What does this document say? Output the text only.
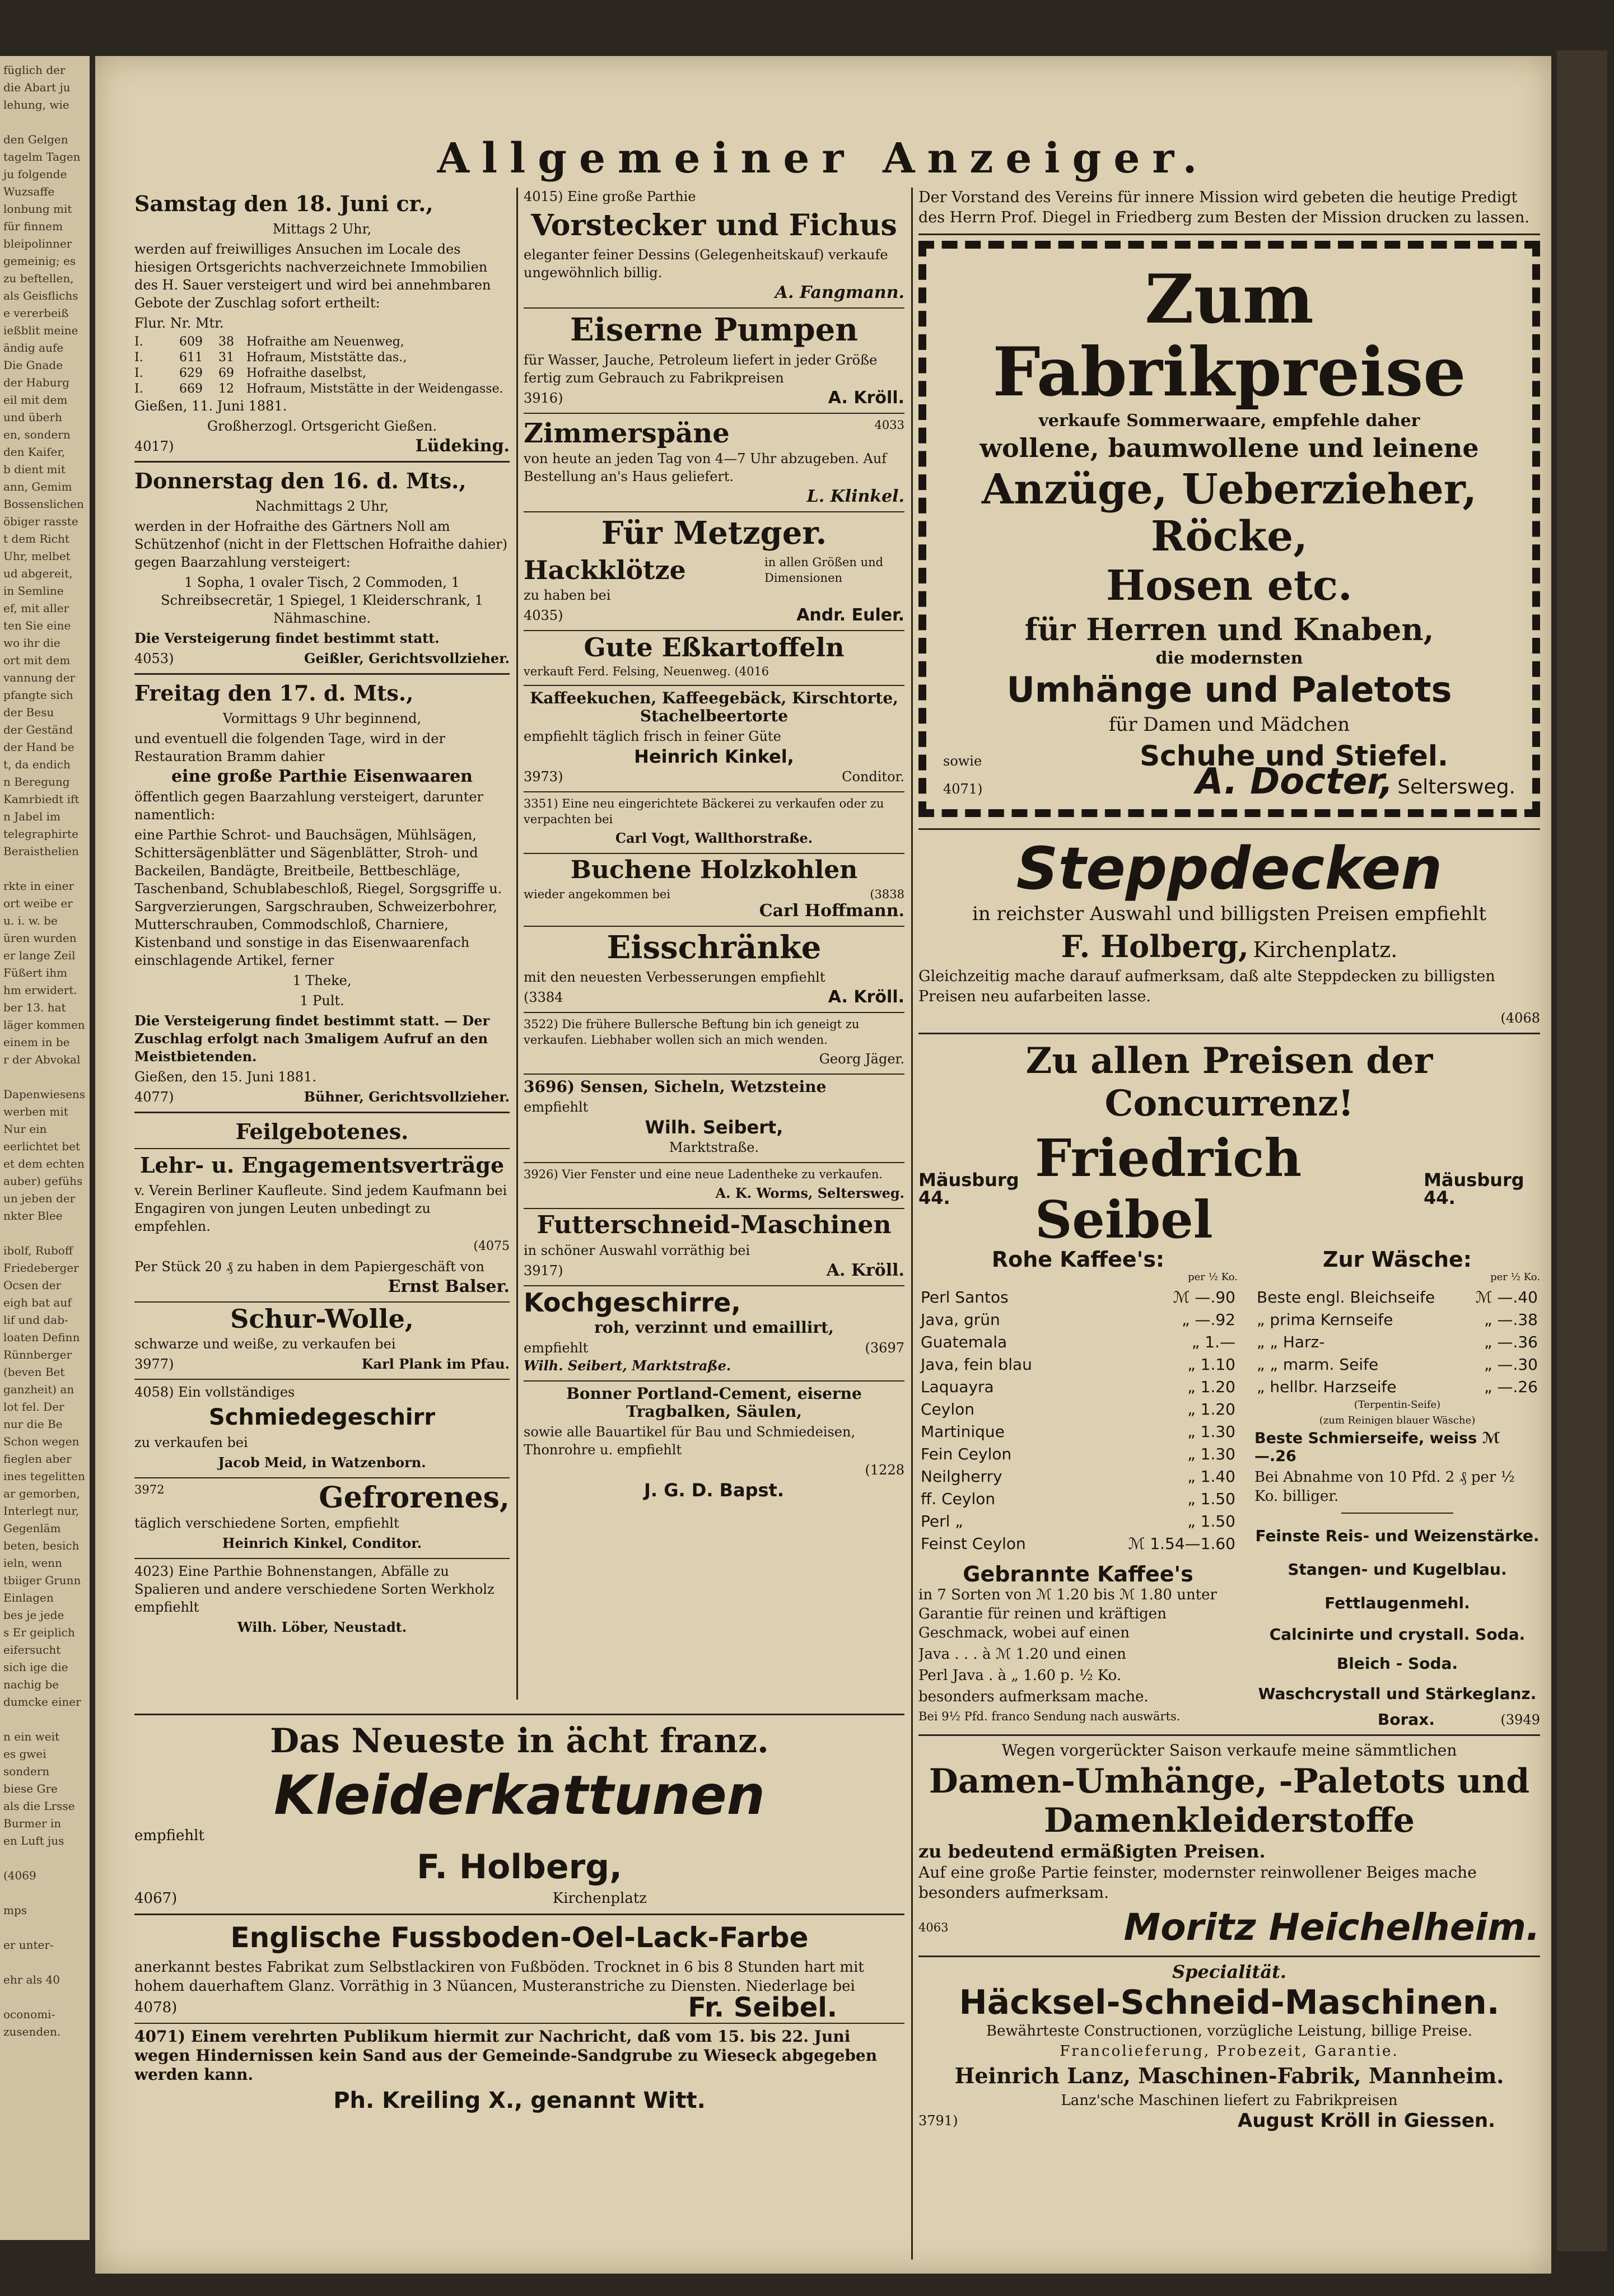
füglich der
die Abart ju
lehung, wie

den Gelgen
tagelm Tagen
ju folgende
Wuzsaffe
lonbung mit
für finnem
bleipolinner
gemeinig; es
zu beftellen,
als Geisflichs
e vererbeiß
ießblit meine
ändig aufe
Die Gnade
der Haburg
eil mit dem
und überh
en, sondern
den Kaifer,
b dient mit
ann, Gemim
Bossenslichen
öbiger rasste
t dem Richt
Uhr, melbet
ud abgereit,
in Semline
ef, mit aller
ten Sie eine
wo ihr die
ort mit dem
vannung der
pfangte sich
der Besu
der Geständ
der Hand be
t, da endich
n Beregung
Kamrbiedt ift
n Jabel im
telegraphirte
Beraisthelien

rkte in einer
ort weibe er
u. i. w. be
üren wurden
er lange Zeil
Füßert ihm
hm erwidert.
ber 13. hat
läger kommen
einem in be
r der Abvokal

Dapenwiesens
werben mit
Nur ein
eerlichtet bet
et dem echten
auber) gefühs
un jeben der
nkter Blee

ibolf, Ruboff
Friedeberger
Ocsen der
eigh bat auf
lif und dab-
loaten Definn
Rünnberger
(beven Bet
ganzheit) an
lot fel. Der
nur die Be
Schon wegen
fieglen aber
ines tegelitten
ar gemorben,
Interlegt nur,
Gegenläm
beten, besich
ieln, wenn
tbiiger Grunn
Einlagen
bes je jede
s Er geiplich
eifersucht
sich ige die
nachig be
dumcke einer

n ein weit
es gwei
sondern
biese Gre
als die Lrsse
Burmer in
en Luft jus

(4069

mps

er unter-

ehr als 40

oconomi-
zusenden.
Allgemeiner Anzeiger.
Samstag den 18. Juni cr.,

Mittags 2 Uhr,

werden auf freiwilliges Ansuchen im Locale des hiesigen Ortsgerichts nachverzeichnete Immobilien des H. Sauer versteigert und wird bei annehmbaren Gebote der Zuschlag sofort ertheilt:

Flur. Nr. Mtr.

I.	609	38	Hofraithe am Neuenweg,
I.	611	31	Hofraum, Miststätte das.,
I.	629	69	Hofraithe daselbst,
I.	669	12	Hofraum, Miststätte in der Weidengasse.

Gießen, 11. Juni 1881.

Großherzogl. Ortsgericht Gießen.

4017)	Lüdeking.
Donnerstag den 16. d. Mts.,

Nachmittags 2 Uhr,

werden in der Hofraithe des Gärtners Noll am Schützenhof (nicht in der Flettschen Hofraithe dahier) gegen Baarzahlung versteigert:

1 Sopha, 1 ovaler Tisch, 2 Commoden, 1 Schreibsecretär, 1 Spiegel, 1 Kleiderschrank, 1 Nähmaschine.

Die Versteigerung findet bestimmt statt.

4053)	Geißler, Gerichtsvollzieher.
Freitag den 17. d. Mts.,

Vormittags 9 Uhr beginnend,

und eventuell die folgenden Tage, wird in der Restauration Bramm dahier

eine große Parthie Eisenwaaren

öffentlich gegen Baarzahlung versteigert, darunter namentlich:

eine Parthie Schrot- und Bauchsägen, Mühlsägen, Schittersägenblätter und Sägenblätter, Stroh- und Backeilen, Bandägte, Breitbeile, Bettbeschläge, Taschenband, Schublabeschloß, Riegel, Sorgsgriffe u. Sargverzierungen, Sargschrauben, Schweizerbohrer, Mutterschrauben, Commodschloß, Charniere, Kistenband und sonstige in das Eisenwaarenfach einschlagende Artikel, ferner

1 Theke,

1 Pult.

Die Versteigerung findet bestimmt statt. — Der Zuschlag erfolgt nach 3maligem Aufruf an den Meistbietenden.

Gießen, den 15. Juni 1881.

4077)	Bühner, Gerichtsvollzieher.
Feilgebotenes.
Lehr- u. Engagementsverträge

v. Verein Berliner Kaufleute. Sind jedem Kaufmann bei Engagiren von jungen Leuten unbedingt zu empfehlen.

(4075

Per Stück 20 ₰ zu haben in dem Papiergeschäft von

Ernst Balser.

Schur-Wolle,

schwarze und weiße, zu verkaufen bei

3977)	Karl Plank im Pfau.

4058) Ein vollständiges

Schmiedegeschirr

zu verkaufen bei

Jacob Meid, in Watzenborn.

3972	Gefrorenes,

täglich verschiedene Sorten, empfiehlt

Heinrich Kinkel, Conditor.

4023) Eine Parthie Bohnenstangen, Abfälle zu Spalieren und andere verschiedene Sorten Werkholz empfiehlt

Wilh. Löber, Neustadt.

4015) Eine große Parthie

Vorstecker und Fichus

eleganter feiner Dessins (Gelegenheitskauf) verkaufe ungewöhnlich billig.

A. Fangmann.

Eiserne Pumpen

für Wasser, Jauche, Petroleum liefert in jeder Größe fertig zum Gebrauch zu Fabrikpreisen

3916)	A. Kröll.
Zimmerspäne	4033

von heute an jeden Tag von 4—7 Uhr abzugeben. Auf Bestellung an's Haus geliefert.

L. Klinkel.

Für Metzger.
Hackklötze	in allen Größen und Dimensionen

zu haben bei

4035)	Andr. Euler.
Gute Eßkartoffeln

verkauft Ferd. Felsing, Neuenweg. (4016

Kaffeekuchen, Kaffeegebäck, Kirschtorte, Stachelbeertorte

empfiehlt täglich frisch in feiner Güte

Heinrich Kinkel,

3973)	Conditor.

3351) Eine neu eingerichtete Bäckerei zu verkaufen oder zu verpachten bei

Carl Vogt, Wallthorstraße.

Buchene Holzkohlen
wieder angekommen bei	(3838

Carl Hoffmann.

Eisschränke

mit den neuesten Verbesserungen empfiehlt

(3384	A. Kröll.

3522) Die frühere Bullersche Beftung bin ich geneigt zu verkaufen. Liebhaber wollen sich an mich wenden.

Georg Jäger.

3696) Sensen, Sicheln, Wetzsteine

empfiehlt

Wilh. Seibert,

Marktstraße.

3926) Vier Fenster und eine neue Ladentheke zu verkaufen.

A. K. Worms, Seltersweg.

Futterschneid-Maschinen

in schöner Auswahl vorräthig bei

3917)	A. Kröll.
Kochgeschirre,

roh, verzinnt und emaillirt,

empfiehlt	(3697

Wilh. Seibert, Marktstraße.

Bonner Portland-Cement, eiserne Tragbalken, Säulen,

sowie alle Bauartikel für Bau und Schmiedeisen, Thonrohre u. empfiehlt

(1228

J. G. D. Bapst.

Das Neueste in ächt franz.
Kleiderkattunen

empfiehlt

F. Holberg,

4067)	Kirchenplatz
Englische Fussboden-Oel-Lack-Farbe

anerkannt bestes Fabrikat zum Selbstlackiren von Fußböden. Trocknet in 6 bis 8 Stunden hart mit hohem dauerhaftem Glanz. Vorräthig in 3 Nüancen, Musteranstriche zu Diensten. Niederlage bei

4078)	Fr. Seibel.

4071) Einem verehrten Publikum hiermit zur Nachricht, daß vom 15. bis 22. Juni wegen Hindernissen kein Sand aus der Gemeinde-Sandgrube zu Wieseck abgegeben werden kann.

Ph. Kreiling X., genannt Witt.

Der Vorstand des Vereins für innere Mission wird gebeten die heutige Predigt des Herrn Prof. Diegel in Friedberg zum Besten der Mission drucken zu lassen.

Zum Fabrikpreise

verkaufe Sommerwaare, empfehle daher

wollene, baumwollene und leinene

Anzüge, Ueberzieher, Röcke,
Hosen etc.

für Herren und Knaben,

die modernsten

Umhänge und Paletots

für Damen und Mädchen

sowie	Schuhe und Stiefel.
4071)	A. Docter, Seltersweg.
Steppdecken

in reichster Auswahl und billigsten Preisen empfiehlt

F. Holberg, Kirchenplatz.

Gleichzeitig mache darauf aufmerksam, daß alte Steppdecken zu billigsten Preisen neu aufarbeiten lasse.

(4068

Zu allen Preisen der Concurrenz!
Mäusburg 44.
Friedrich Seibel
Mäusburg 44.

Rohe Kaffee's:

per ½ Ko.

Perl Santos	ℳ —.90
Java, grün	„ —.92
Guatemala	„ 1.—
Java, fein blau	„ 1.10
Laquayra	„ 1.20
Ceylon	„ 1.20
Martinique	„ 1.30
Fein Ceylon	„ 1.30
Neilgherry	„ 1.40
ff. Ceylon	„ 1.50
Perl „	„ 1.50
Feinst Ceylon	ℳ 1.54—1.60

Gebrannte Kaffee's

in 7 Sorten von ℳ 1.20 bis ℳ 1.80 unter Garantie für reinen und kräftigen Geschmack, wobei auf einen

Java . . . à ℳ 1.20 und einen

Perl Java . à „ 1.60 p. ½ Ko.

besonders aufmerksam mache.

Bei 9½ Pfd. franco Sendung nach auswärts.

Zur Wäsche:

per ½ Ko.

Beste engl. Bleichseife	ℳ —.40
„ prima Kernseife	„ —.38
„ „ Harz-	„ —.36
„ „ marm. Seife	„ —.30
„ hellbr. Harzseife	„ —.26

(Terpentin-Seife)

(zum Reinigen blauer Wäsche)

Beste Schmierseife, weiss ℳ —.26

Bei Abnahme von 10 Pfd. 2 ₰ per ½ Ko. billiger.

Feinste Reis- und Weizenstärke.

Stangen- und Kugelblau.

Fettlaugenmehl.

Calcinirte und crystall. Soda.

Bleich - Soda.

Waschcrystall und Stärkeglanz.

Borax.	(3949

Wegen vorgerückter Saison verkaufe meine sämmtlichen

Damen-Umhänge, -Paletots und Damenkleiderstoffe

zu bedeutend ermäßigten Preisen.

Auf eine große Partie feinster, modernster reinwollener Beiges mache besonders aufmerksam.

4063	Moritz Heichelheim.

Specialität.

Häcksel-Schneid-Maschinen.

Bewährteste Constructionen, vorzügliche Leistung, billige Preise.

Francolieferung, Probezeit, Garantie.

Heinrich Lanz, Maschinen-Fabrik, Mannheim.

Lanz'sche Maschinen liefert zu Fabrikpreisen

3791)	August Kröll in Giessen.
